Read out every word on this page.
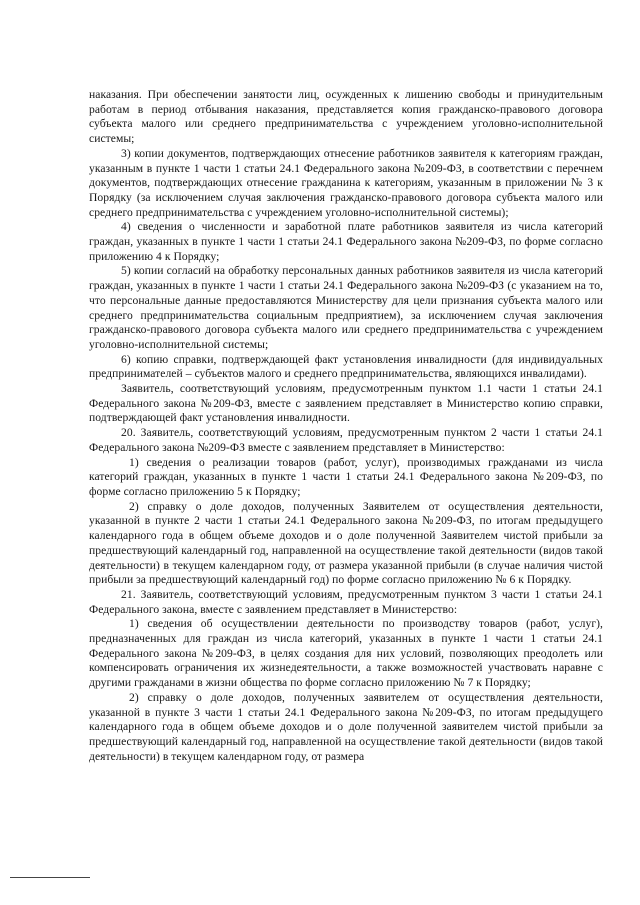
наказания. При обеспечении занятости лиц, осужденных к лишению свободы и принудительным работам в период отбывания наказания, представляется копия гражданско-правового договора субъекта малого или среднего предпринимательства с учреждением уголовно-исполнительной системы;

3) копии документов, подтверждающих отнесение работников заявителя к категориям граждан, указанным в пункте 1 части 1 статьи 24.1 Федерального закона №209-ФЗ, в соответствии с перечнем документов, подтверждающих отнесение гражданина к категориям, указанным в приложении № 3 к Порядку (за исключением случая заключения гражданско-правового договора субъекта малого или среднего предпринимательства с учреждением уголовно-исполнительной системы);

4) сведения о численности и заработной плате работников заявителя из числа категорий граждан, указанных в пункте 1 части 1 статьи 24.1 Федерального закона №209-ФЗ, по форме согласно приложению 4 к Порядку;

5) копии согласий на обработку персональных данных работников заявителя из числа категорий граждан, указанных в пункте 1 части 1 статьи 24.1 Федерального закона №209-ФЗ (с указанием на то, что персональные данные предоставляются Министерству для цели признания субъекта малого или среднего предпринимательства социальным предприятием), за исключением случая заключения гражданско-правового договора субъекта малого или среднего предпринимательства с учреждением уголовно-исполнительной системы;

6) копию справки, подтверждающей факт установления инвалидности (для индивидуальных предпринимателей – субъектов малого и среднего предпринимательства, являющихся инвалидами).

Заявитель, соответствующий условиям, предусмотренным пунктом 1.1 части 1 статьи 24.1 Федерального закона №209-ФЗ, вместе с заявлением представляет в Министерство копию справки, подтверждающей факт установления инвалидности.

20. Заявитель, соответствующий условиям, предусмотренным пунктом 2 части 1 статьи 24.1 Федерального закона №209-ФЗ вместе с заявлением представляет в Министерство:

1) сведения о реализации товаров (работ, услуг), производимых гражданами из числа категорий граждан, указанных в пункте 1 части 1 статьи 24.1 Федерального закона №209-ФЗ, по форме согласно приложению 5 к Порядку;

2) справку о доле доходов, полученных Заявителем от осуществления деятельности, указанной в пункте 2 части 1 статьи 24.1 Федерального закона №209-ФЗ, по итогам предыдущего календарного года в общем объеме доходов и о доле полученной Заявителем чистой прибыли за предшествующий календарный год, направленной на осуществление такой деятельности (видов такой деятельности) в текущем календарном году, от размера указанной прибыли (в случае наличия чистой прибыли за предшествующий календарный год) по форме согласно приложению № 6 к Порядку.

21. Заявитель, соответствующий условиям, предусмотренным пунктом 3 части 1 статьи 24.1 Федерального закона, вместе с заявлением представляет в Министерство:

1) сведения об осуществлении деятельности по производству товаров (работ, услуг), предназначенных для граждан из числа категорий, указанных в пункте 1 части 1 статьи 24.1 Федерального закона №209-ФЗ, в целях создания для них условий, позволяющих преодолеть или компенсировать ограничения их жизнедеятельности, а также возможностей участвовать наравне с другими гражданами в жизни общества по форме согласно приложению № 7 к Порядку;

2) справку о доле доходов, полученных заявителем от осуществления деятельности, указанной в пункте 3 части 1 статьи 24.1 Федерального закона №209-ФЗ, по итогам предыдущего календарного года в общем объеме доходов и о доле полученной заявителем чистой прибыли за предшествующий календарный год, направленной на осуществление такой деятельности (видов такой деятельности) в текущем календарном году, от размера
